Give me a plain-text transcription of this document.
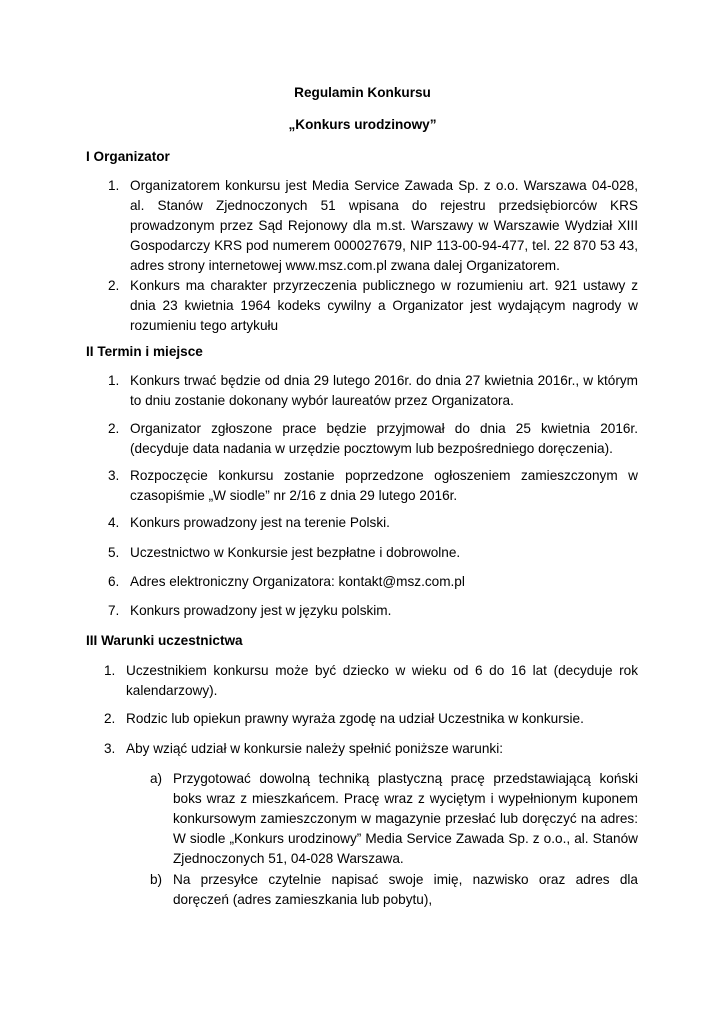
Regulamin Konkursu
„Konkurs urodzinowy”
I Organizator
1. Organizatorem konkursu jest Media Service Zawada Sp. z o.o. Warszawa 04-028, al. Stanów Zjednoczonych 51 wpisana do rejestru przedsiębiorców KRS prowadzonym przez Sąd Rejonowy dla m.st. Warszawy w Warszawie Wydział XIII Gospodarczy KRS pod numerem 000027679, NIP 113-00-94-477, tel. 22 870 53 43, adres strony internetowej www.msz.com.pl zwana dalej Organizatorem.
2. Konkurs ma charakter przyrzeczenia publicznego w rozumieniu art. 921 ustawy z dnia 23 kwietnia 1964 kodeks cywilny a Organizator jest wydającym nagrody w rozumieniu tego artykułu
II Termin i miejsce
1. Konkurs trwać będzie od dnia 29 lutego 2016r. do dnia 27 kwietnia 2016r., w którym to dniu zostanie dokonany wybór laureatów przez Organizatora.
2. Organizator zgłoszone prace będzie przyjmował do dnia 25 kwietnia 2016r. (decyduje data nadania w urzędzie pocztowym lub bezpośredniego doręczenia).
3. Rozpoczęcie konkursu zostanie poprzedzone ogłoszeniem zamieszczonym w czasopiśmie „W siodle” nr 2/16 z dnia 29 lutego 2016r.
4. Konkurs prowadzony jest na terenie Polski.
5. Uczestnictwo w Konkursie jest bezpłatne i dobrowolne.
6. Adres elektroniczny Organizatora: kontakt@msz.com.pl
7. Konkurs prowadzony jest w języku polskim.
III Warunki uczestnictwa
1. Uczestnikiem konkursu może być dziecko w wieku od 6 do 16 lat (decyduje rok kalendarzowy).
2. Rodzic lub opiekun prawny wyraża zgodę na udział Uczestnika w konkursie.
3. Aby wziąć udział w konkursie należy spełnić poniższe warunki:
a) Przygotować dowolną techniką plastyczną pracę przedstawiającą koński boks wraz z mieszkańcem. Pracę wraz z wyciętym i wypełnionym kuponem konkursowym zamieszczonym w magazynie przesłać lub doręczyć na adres: W siodle „Konkurs urodzinowy” Media Service Zawada Sp. z o.o., al. Stanów Zjednoczonych 51, 04-028 Warszawa.
b) Na przesyłce czytelnie napisać swoje imię, nazwisko oraz adres dla doręczeń (adres zamieszkania lub pobytu),
